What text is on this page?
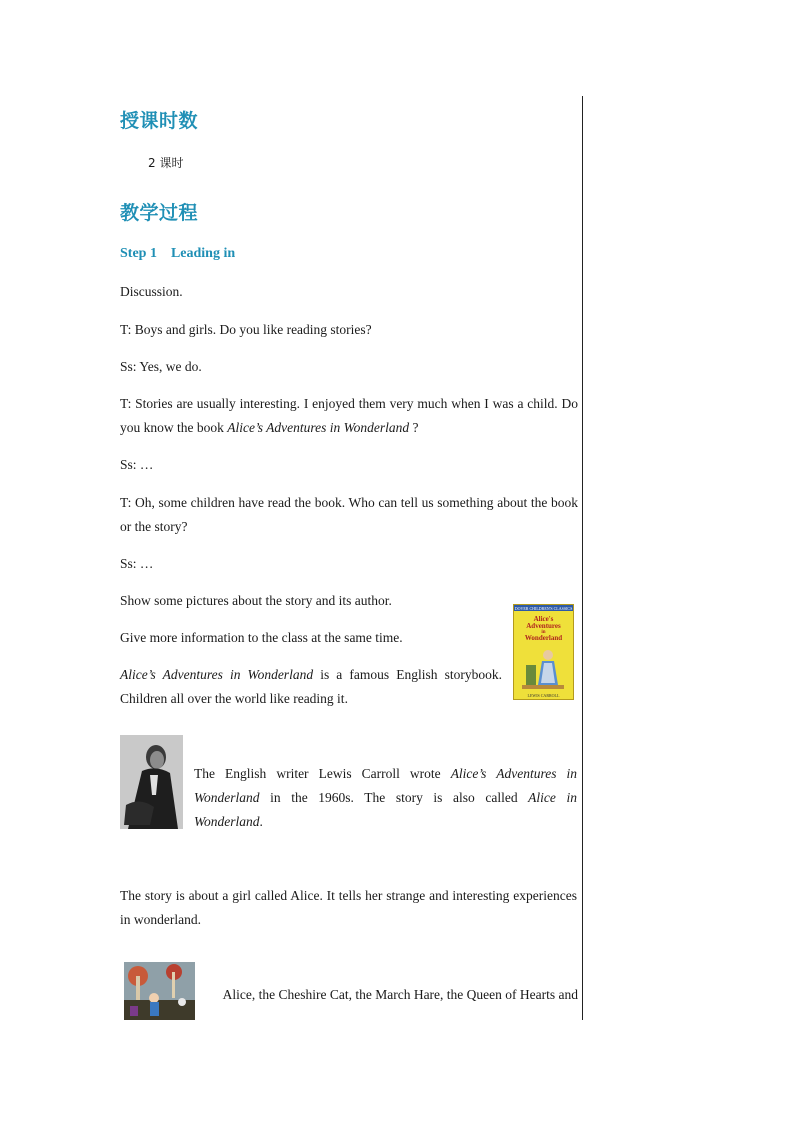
授课时数
2 课时
教学过程
Step 1    Leading in

Discussion.

T: Boys and girls. Do you like reading stories?

Ss: Yes, we do.

T: Stories are usually interesting. I enjoyed them very much when I was a child. Do you know the book Alice’s Adventures in Wonderland ?

Ss: …

T: Oh, some children have read the book. Who can tell us something about the book or the story?

Ss: …

Show some pictures about the story and its author.

Give more information to the class at the same time.

Alice’s Adventures in Wonderland is a famous English storybook. Children all over the world like reading it.

DOVER CHILDREN'S CLASSICS
Alice's
Adventures
in
Wonderland
LEWIS CARROLL

The English writer Lewis Carroll wrote Alice’s Adventures in Wonderland in the 1960s. The story is also called Alice in Wonderland.

The story is about a girl called Alice. It tells her strange and interesting experiences in wonderland.

Alice, the Cheshire Cat, the March Hare, the Queen of Hearts and
